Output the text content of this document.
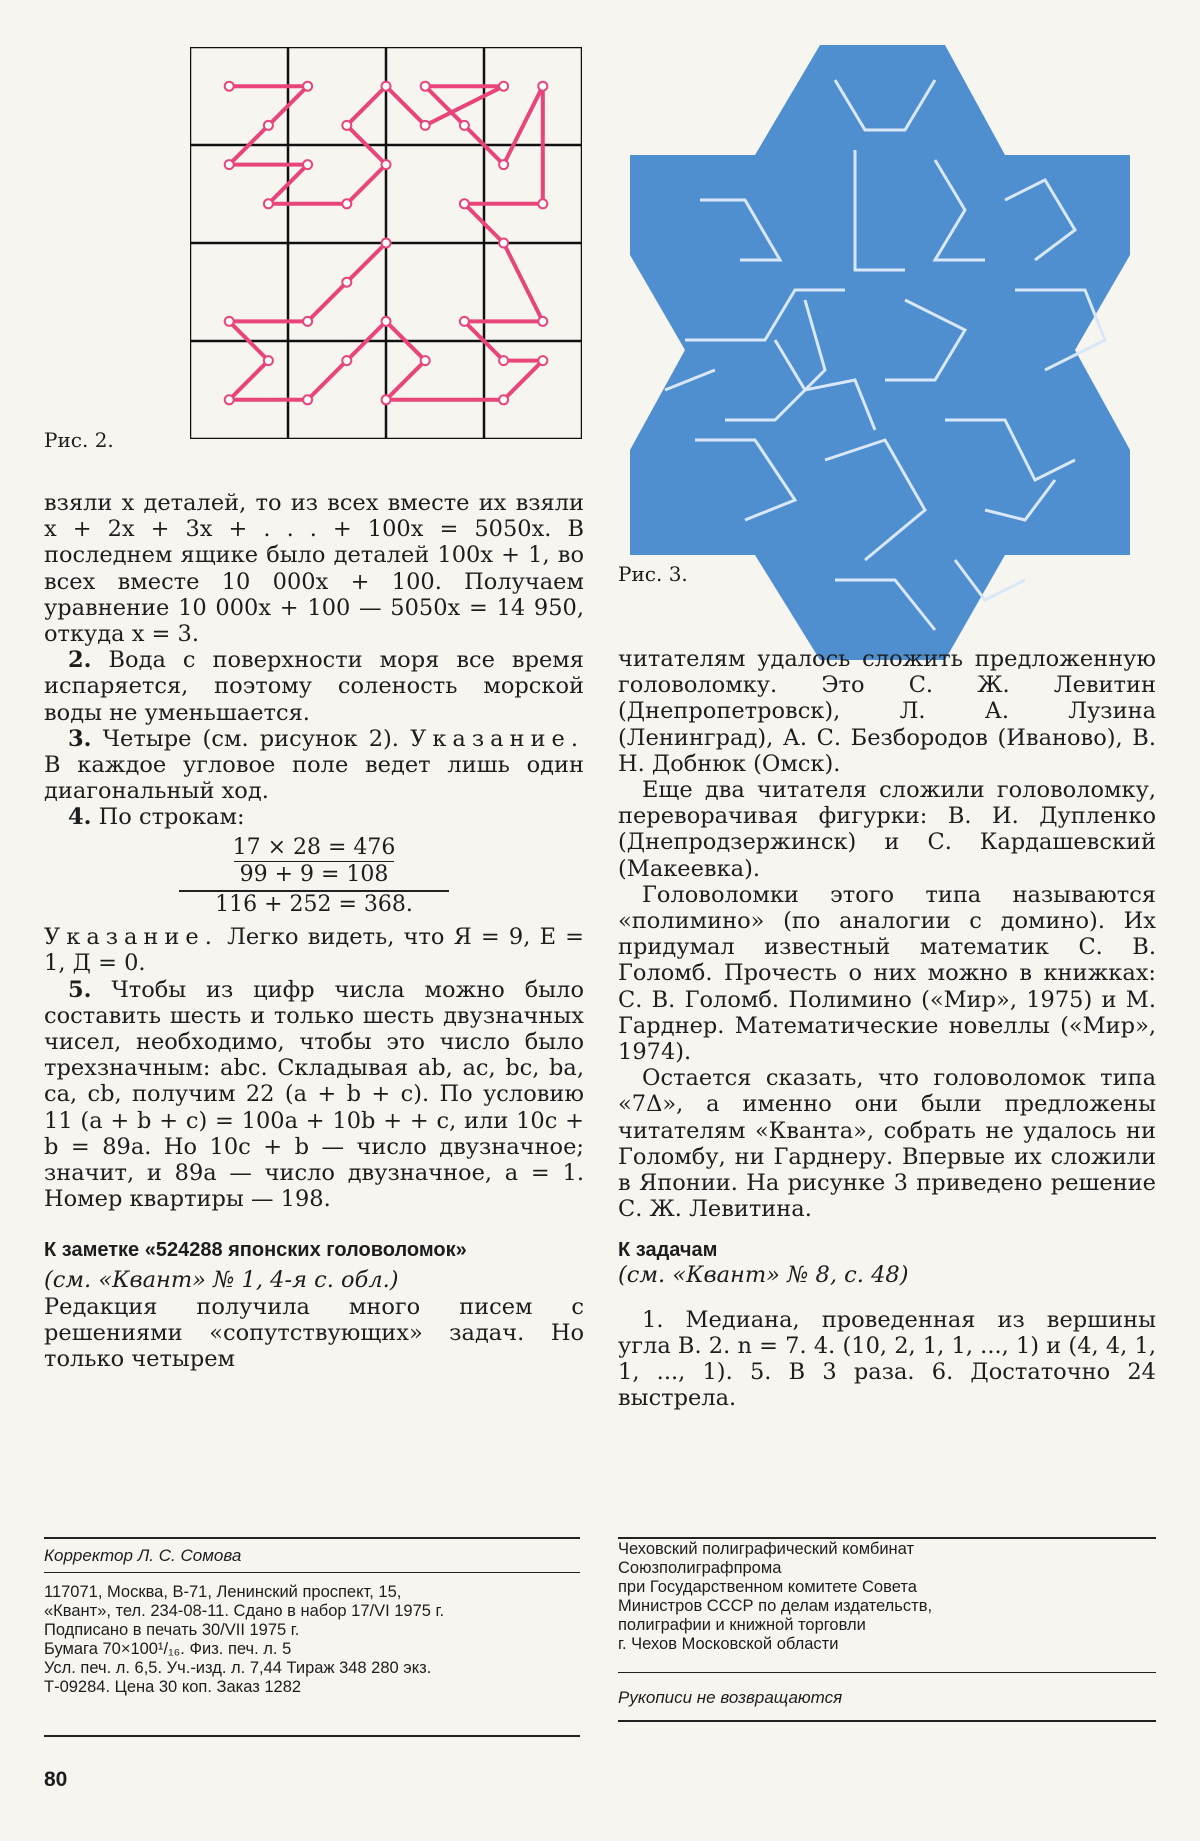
Рис. 2.
Рис. 3.

взяли x деталей, то из всех вместе их взяли x + 2x + 3x + . . . + 100x = 5050x. В последнем ящике было деталей 100x + 1, во всех вместе 10 000x + 100. Получаем уравнение 10 000x + 100 — 5050x = 14 950, откуда x = 3.

2. Вода с поверхности моря все время испаряется, поэтому соленость морской воды не уменьшается.

3. Четыре (см. рисунок 2). Указание. В каждое угловое поле ведет лишь один диагональный ход.

4. По строкам:

17 × 28 = 476
99 + 9 = 108
116 + 252 = 368.

Указание. Легко видеть, что Я = 9, Е = 1, Д = 0.

5. Чтобы из цифр числа можно было составить шесть и только шесть двузначных чисел, необходимо, чтобы это число было трехзначным: abc. Складывая ab, ac, bc, ba, ca, cb, получим 22 (a + b + c). По условию 11 (a + b + c) = 100a + 10b + + c, или 10c + b = 89a. Но 10c + b — число двузначное; значит, и 89a — число двузначное, a = 1. Номер квартиры — 198.

К заметке «524288 японских головоломок»

(см. «Квант» № 1, 4-я с. обл.)

Редакция получила много писем с решениями «сопутствующих» задач. Но только четырем

читателям удалось сложить предложенную головоломку. Это С. Ж. Левитин (Днепропетровск), Л. А. Лузина (Ленинград), А. С. Безбородов (Иваново), В. Н. Добнюк (Омск).

Еще два читателя сложили головоломку, переворачивая фигурки: В. И. Дупленко (Днепродзержинск) и С. Кардашевский (Макеевка).

Головоломки этого типа называются «полимино» (по аналогии с домино). Их придумал известный математик С. В. Голомб. Прочесть о них можно в книжках: С. В. Голомб. Полимино («Мир», 1975) и М. Гарднер. Математические новеллы («Мир», 1974).

Остается сказать, что головоломок типа «7Δ», а именно они были предложены читателям «Кванта», собрать не удалось ни Голомбу, ни Гарднеру. Впервые их сложили в Японии. На рисунке 3 приведено решение С. Ж. Левитина.

К задачам

(см. «Квант» № 8, с. 48)

1. Медиана, проведенная из вершины угла B. 2. n = 7. 4. (10, 2, 1, 1, ..., 1) и (4, 4, 1, 1, ..., 1). 5. В 3 раза. 6. Достаточно 24 выстрела.

Корректор Л. С. Сомова

117071, Москва, В-71, Ленинский проспект, 15,

«Квант», тел. 234-08-11. Сдано в набор 17/VI 1975 г.

Подписано в печать 30/VII 1975 г.

Бумага 70×100¹/₁₆. Физ. печ. л. 5

Усл. печ. л. 6,5. Уч.-изд. л. 7,44 Тираж 348 280 экз.

Т-09284. Цена 30 коп. Заказ 1282

Чеховский полиграфический комбинат

Союзполиграфпрома

при Государственном комитете Совета

Министров СССР по делам издательств,

полиграфии и книжной торговли

г. Чехов Московской области

Рукописи не возвращаются
80
